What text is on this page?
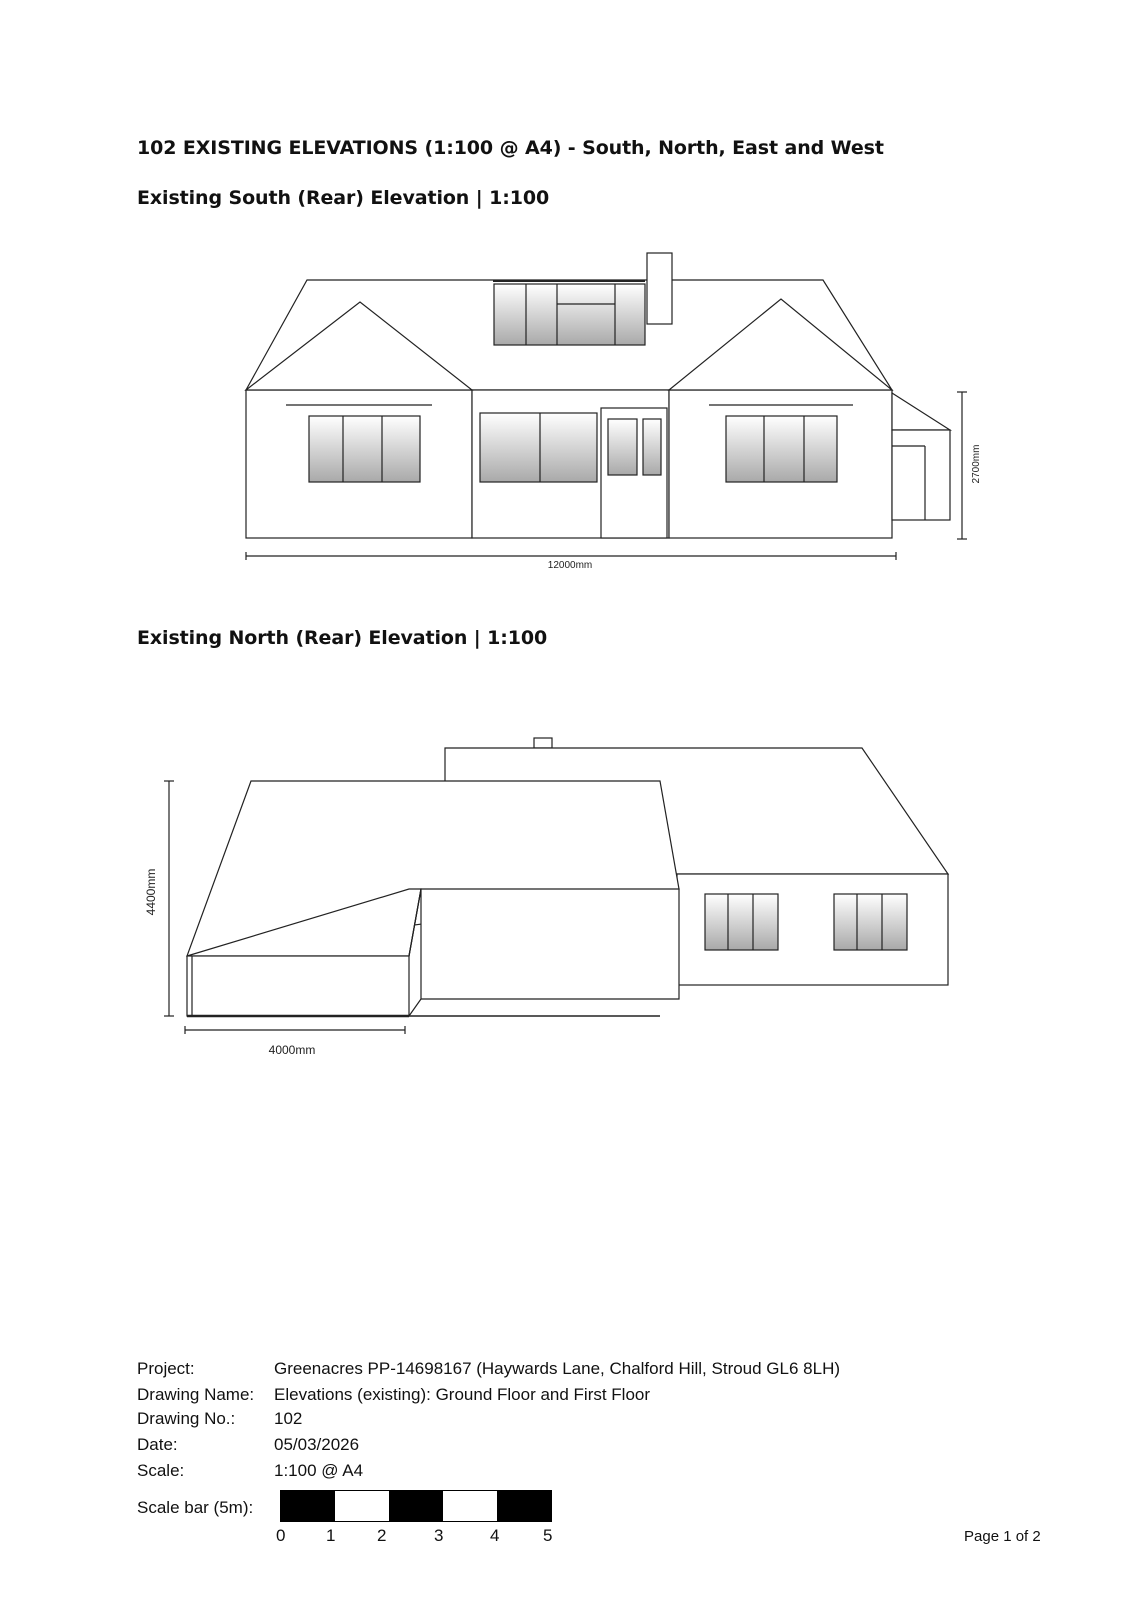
102 EXISTING ELEVATIONS (1:100 @ A4) - South, North, East and West
Existing South (Rear) Elevation | 1:100
Existing North (Rear) Elevation | 1:100
12000mm
2700mm
4000mm
4400mm
Project:	Greenacres PP-14698167 (Haywards Lane, Chalford Hill, Stroud GL6 8LH)
Drawing Name: Elevations (existing): Ground Floor and First Floor
Drawing No.: 102
Date:	05/03/2026
Scale:	1:100 @ A4
Scale bar (5m):
0 1 2	3	4	5	Page 1 of 2
